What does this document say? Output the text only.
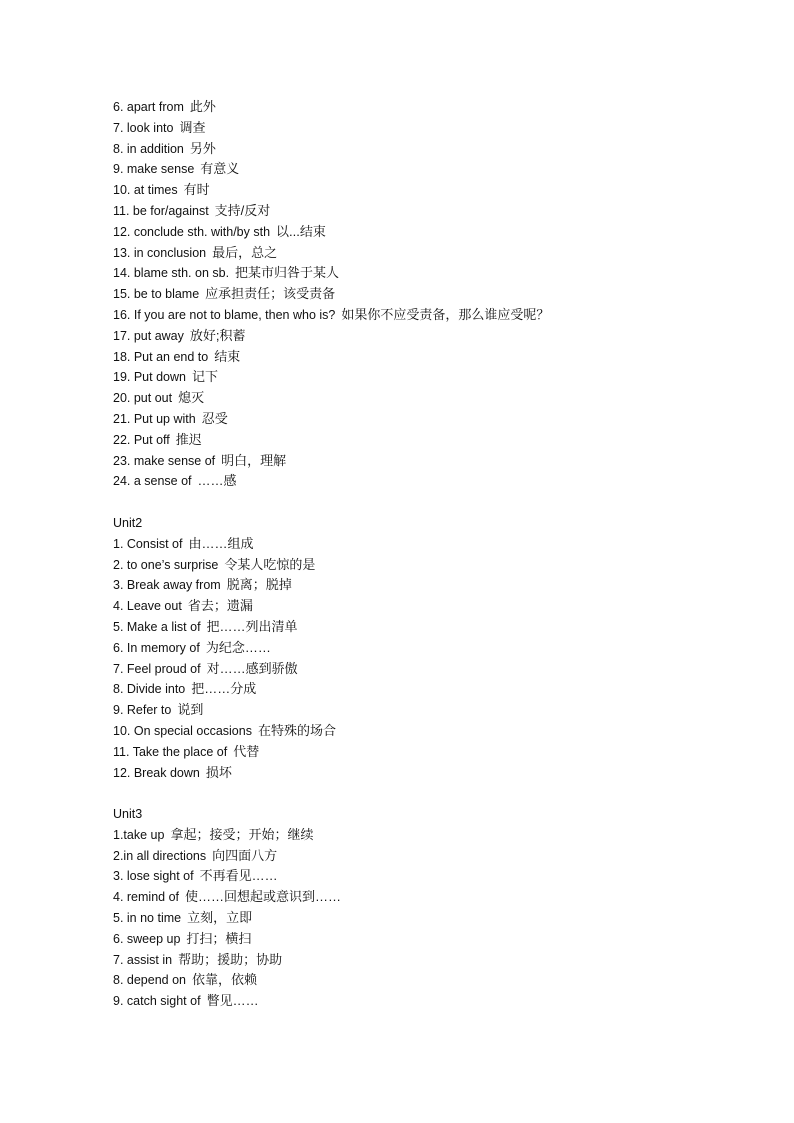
6. apart from 此外
7. look into 调查
8. in addition 另外
9. make sense 有意义
10. at times 有时
11. be for/against 支持/反对
12. conclude sth. with/by sth 以...结束
13. in conclusion 最后，总之
14. blame sth. on sb. 把某市归咎于某人
15. be to blame 应承担责任；该受责备
16. If you are not to blame, then who is? 如果你不应受责备，那么谁应受呢？
17. put away 放好;积蓄
18. Put an end to 结束
19. Put down 记下
20. put out 熄灭
21. Put up with 忍受
22. Put off 推迟
23. make sense of 明白，理解
24. a sense of ……感
Unit2
1. Consist of 由……组成
2. to one’s surprise 令某人吃惊的是
3. Break away from 脱离；脱掉
4. Leave out 省去；遗漏
5. Make a list of 把……列出清单
6. In memory of 为纪念……
7. Feel proud of 对……感到骄傲
8. Divide into 把……分成
9. Refer to 说到
10. On special occasions 在特殊的场合
11. Take the place of 代替
12. Break down 损坏
Unit3
1.take up 拿起；接受；开始；继续
2.in all directions 向四面八方
3. lose sight of 不再看见……
4. remind of 使……回想起或意识到……
5. in no time 立刻，立即
6. sweep up 打扫；横扫
7. assist in 帮助；援助；协助
8. depend on 依靠，依赖
9. catch sight of 瞥见……
